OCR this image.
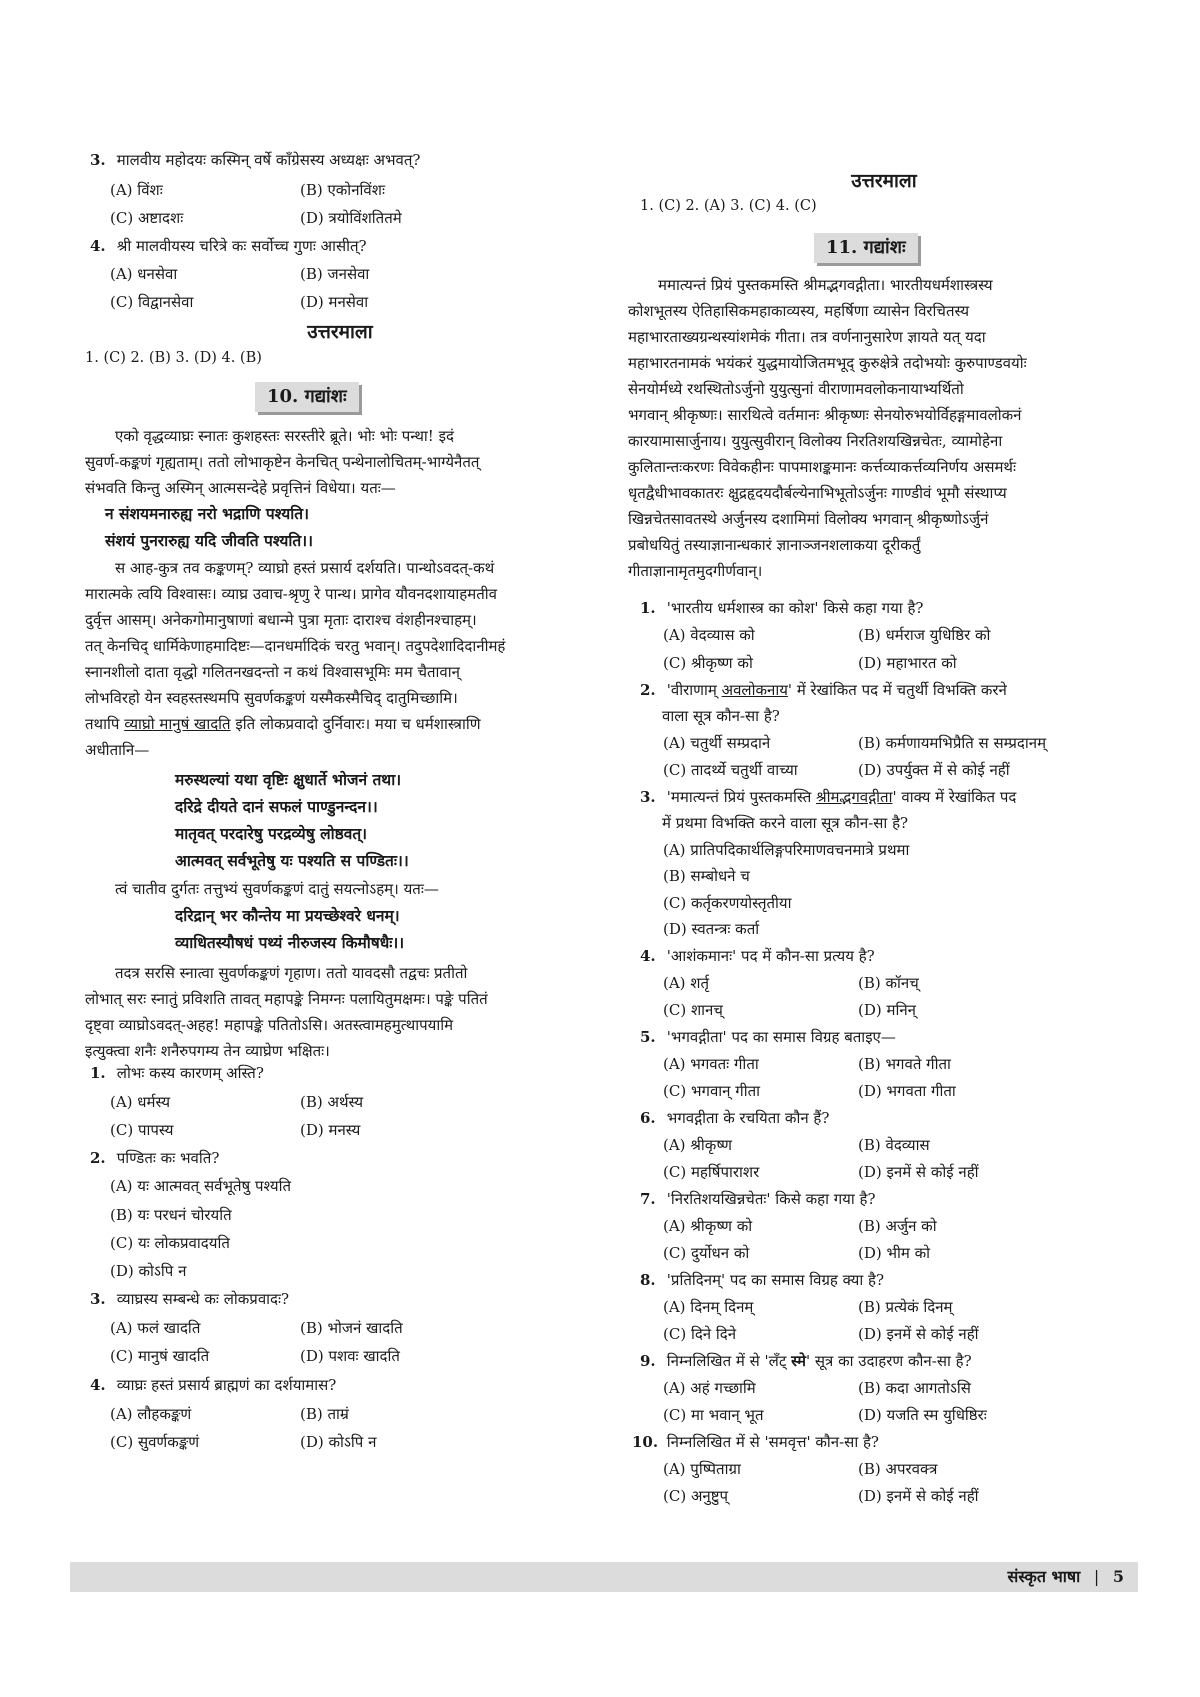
3. मालवीय महोदयः कस्मिन् वर्षे काँग्रेसस्य अध्यक्षः अभवत्?
(A) विंशः	(B) एकोनविंशः
(C) अष्टादशः	(D) त्रयोविंशतितमे
4. श्री मालवीयस्य चरित्रे कः सर्वोच्च गुणः आसीत्?
(A) धनसेवा	(B) जनसेवा
(C) विद्वानसेवा	(D) मनसेवा
उत्तरमाला
1. (C) 2. (B) 3. (D) 4. (B)
10. गद्यांशः
एको वृद्धव्याघ्रः स्नातः कुशहस्तः सरस्तीरे ब्रूते। भोः भोः पन्था! इदं
सुवर्ण-कङ्कणं गृह्यताम्। ततो लोभाकृष्टेन केनचित् पन्थेनालोचितम्-भाग्येनैतत्
संभवति किन्तु अस्मिन् आत्मसन्देहे प्रवृत्तिनं विधेया। यतः—
न संशयमनारुह्य नरो भद्राणि पश्यति।
संशयं पुनरारुह्य यदि जीवति पश्यति।।
स आह-कुत्र तव कङ्कणम्? व्याघ्रो हस्तं प्रसार्य दर्शयति। पान्थोऽवदत्-कथं
मारात्मके त्वयि विश्वासः। व्याघ्र उवाच-श्रृणु रे पान्थ। प्रागेव यौवनदशायाहमतीव
दुर्वृत्त आसम्। अनेकगोमानुषाणां बधान्मे पुत्रा मृताः दाराश्च वंशहीनश्चाहम्।
तत् केनचिद् धार्मिकेणाहमादिष्टः—दानधर्मादिकं चरतु भवान्। तदुपदेशादिदानीमहं
स्नानशीलो दाता वृद्धो गलितनखदन्तो न कथं विश्वासभूमिः मम चैतावान्
लोभविरहो येन स्वहस्तस्थमपि सुवर्णकङ्कणं यस्मैकस्मैचिद् दातुमिच्छामि।
तथापि व्याघ्रो मानुषं खादति इति लोकप्रवादो दुर्निवारः। मया च धर्मशास्त्राणि
अधीतानि—
मरुस्थल्यां यथा वृष्टिः क्षुधार्ते भोजनं तथा।
दरिद्रे दीयते दानं सफलं पाण्डुनन्दन।।
मातृवत् परदारेषु परद्रव्येषु लोष्ठवत्।
आत्मवत् सर्वभूतेषु यः पश्यति स पण्डितः।।
त्वं चातीव दुर्गतः तत्तुभ्यं सुवर्णकङ्कणं दातुं सयत्नोऽहम्। यतः—
दरिद्रान् भर कौन्तेय मा प्रयच्छेश्वरे धनम्।
व्याधितस्यौषधं पथ्यं नीरुजस्य किमौषधैः।।
तदत्र सरसि स्नात्वा सुवर्णकङ्कणं गृहाण। ततो यावदसौ तद्वचः प्रतीतो
लोभात् सरः स्नातुं प्रविशति तावत् महापङ्के निमग्नः पलायितुमक्षमः। पङ्के पतितं
दृष्ट्वा व्याघ्रोऽवदत्-अहह! महापङ्के पतितोऽसि। अतस्त्वामहमुत्थापयामि
इत्युक्त्वा शनैः शनैरुपगम्य तेन व्याघ्रेण भक्षितः।
1. लोभः कस्य कारणम् अस्ति?
(A) धर्मस्य	(B) अर्थस्य
(C) पापस्य	(D) मनस्य
2. पण्डितः कः भवति?
(A) यः आत्मवत् सर्वभूतेषु पश्यति
(B) यः परधनं चोरयति
(C) यः लोकप्रवादयति
(D) कोऽपि न
3. व्याघ्रस्य सम्बन्धे कः लोकप्रवादः?
(A) फलं खादति	(B) भोजनं खादति
(C) मानुषं खादति	(D) पशवः खादति
4. व्याघ्रः हस्तं प्रसार्य ब्राह्मणं का दर्शयामास?
(A) लौहकङ्कणं	(B) ताम्रं
(C) सुवर्णकङ्कणं	(D) कोऽपि न
उत्तरमाला
1. (C) 2. (A) 3. (C) 4. (C)
11. गद्यांशः
ममात्यन्तं प्रियं पुस्तकमस्ति श्रीमद्भगवद्गीता। भारतीयधर्मशास्त्रस्य
कोशभूतस्य ऐतिहासिकमहाकाव्यस्य, महर्षिणा व्यासेन विरचितस्य
महाभारताख्यग्रन्थस्यांशमेकं गीता। तत्र वर्णनानुसारेण ज्ञायते यत् यदा
महाभारतनामकं भयंकरं युद्धमायोजितमभूद् कुरुक्षेत्रे तदोभयोः कुरुपाण्डवयोः
सेनयोर्मध्ये रथस्थितोऽर्जुनो युयुत्सुनां वीराणामवलोकनायाभ्यर्थितो
भगवान् श्रीकृष्णः। सारथित्वे वर्तमानः श्रीकृष्णः सेनयोरुभयोर्विहङ्गमावलोकनं
कारयामासार्जुनाय। युयुत्सुवीरान् विलोक्य निरतिशयखिन्नचेतः, व्यामोहेना
कुलितान्तःकरणः विवेकहीनः पापमाशङ्कमानः कर्त्तव्याकर्त्तव्यनिर्णय असमर्थः
धृतद्वैधीभावकातरः क्षुद्रहृदयदौर्बल्येनाभिभूतोऽर्जुनः गाण्डीवं भूमौ संस्थाप्य
खिन्नचेतसावतस्थे अर्जुनस्य दशामिमां विलोक्य भगवान् श्रीकृष्णोऽर्जुनं
प्रबोधयितुं तस्याज्ञानान्धकारं ज्ञानाञ्जनशलाकया दूरीकर्तुं
गीताज्ञानामृतमुदगीर्णवान्।
1. 'भारतीय धर्मशास्त्र का कोश' किसे कहा गया है?
(A) वेदव्यास को	(B) धर्मराज युधिष्ठिर को
(C) श्रीकृष्ण को	(D) महाभारत को
2. 'वीराणाम् अवलोकनाय' में रेखांकित पद में चतुर्थी विभक्ति करने
वाला सूत्र कौन-सा है?
(A) चतुर्थी सम्प्रदाने	(B) कर्मणायमभिप्रैति स सम्प्रदानम्
(C) तादर्थ्ये चतुर्थी वाच्या	(D) उपर्युक्त में से कोई नहीं
3. 'ममात्यन्तं प्रियं पुस्तकमस्ति श्रीमद्भगवद्गीता' वाक्य में रेखांकित पद
में प्रथमा विभक्ति करने वाला सूत्र कौन-सा है?
(A) प्रातिपदिकार्थलिङ्गपरिमाणवचनमात्रे प्रथमा
(B) सम्बोधने च
(C) कर्तृकरणयोस्तृतीया
(D) स्वतन्त्रः कर्ता
4. 'आशंकमानः' पद में कौन-सा प्रत्यय है?
(A) शर्तृ	(B) कॉनच्
(C) शानच्	(D) मनिन्
5. 'भगवद्गीता' पद का समास विग्रह बताइए—
(A) भगवतः गीता	(B) भगवते गीता
(C) भगवान् गीता	(D) भगवता गीता
6. भगवद्गीता के रचयिता कौन हैं?
(A) श्रीकृष्ण	(B) वेदव्यास
(C) महर्षिपाराशर	(D) इनमें से कोई नहीं
7. 'निरतिशयखिन्नचेतः' किसे कहा गया है?
(A) श्रीकृष्ण को	(B) अर्जुन को
(C) दुर्योधन को	(D) भीम को
8. 'प्रतिदिनम्' पद का समास विग्रह क्या है?
(A) दिनम् दिनम्	(B) प्रत्येकं दिनम्
(C) दिने दिने	(D) इनमें से कोई नहीं
9. निम्नलिखित में से 'लँट् स्मे' सूत्र का उदाहरण कौन-सा है?
(A) अहं गच्छामि	(B) कदा आगतोऽसि
(C) मा भवान् भूत	(D) यजति स्म युधिष्ठिरः
10. निम्नलिखित में से 'समवृत्त' कौन-सा है?
(A) पुष्पिताग्रा	(B) अपरवक्त्र
(C) अनुष्टुप्	(D) इनमें से कोई नहीं
संस्कृत भाषा | 5
